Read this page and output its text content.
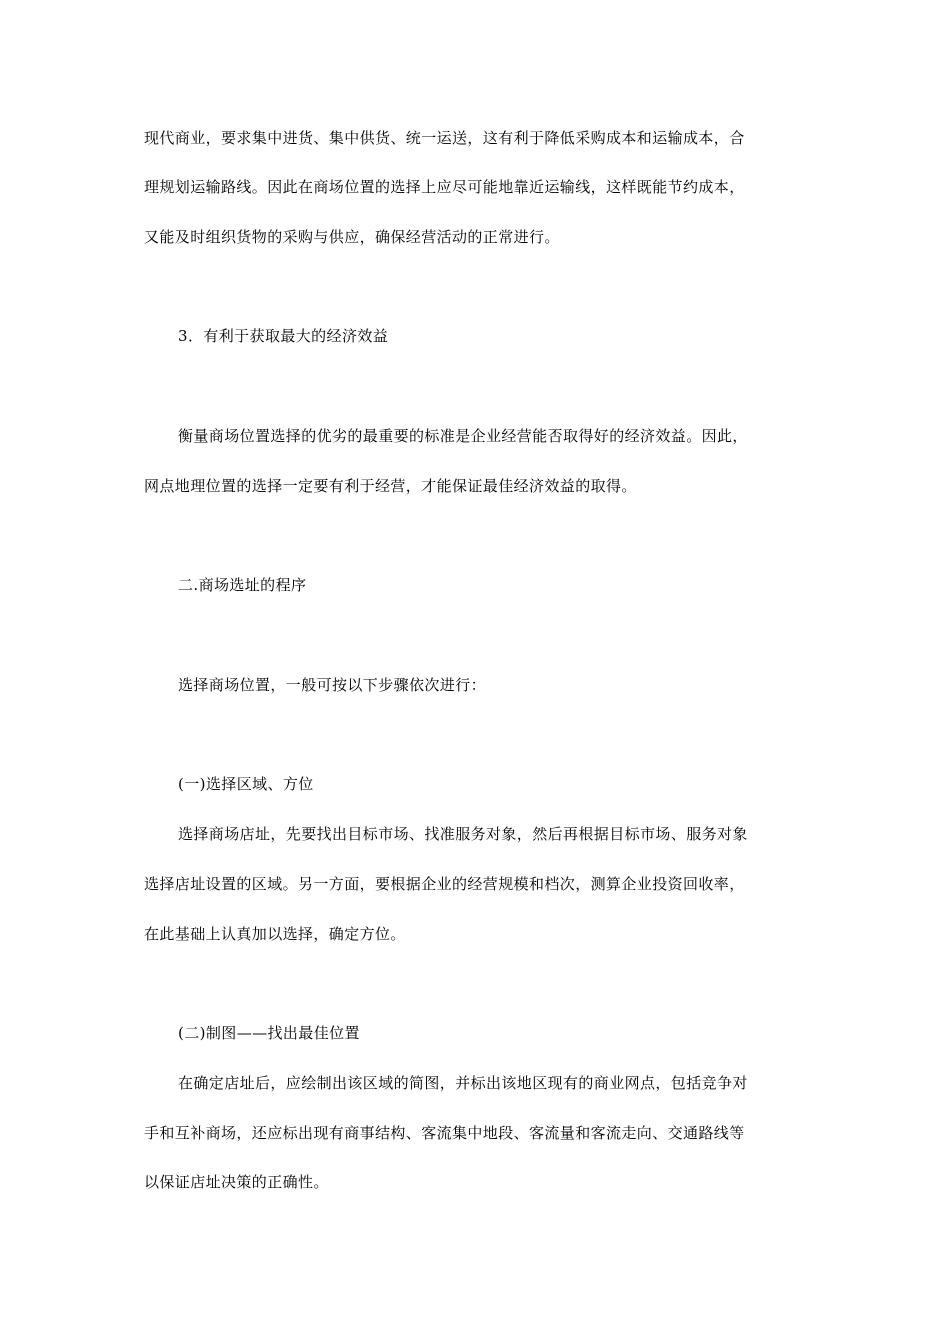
现代商业，要求集中进货、集中供货、统一运送，这有利于降低采购成本和运输成本，合
理规划运输路线。因此在商场位置的选择上应尽可能地靠近运输线，这样既能节约成本，
又能及时组织货物的采购与供应，确保经营活动的正常进行。
3．有利于获取最大的经济效益
衡量商场位置选择的优劣的最重要的标准是企业经营能否取得好的经济效益。因此，
网点地理位置的选择一定要有利于经营，才能保证最佳经济效益的取得。
二.商场选址的程序
选择商场位置，一般可按以下步骤依次进行：
(一)选择区域、方位
选择商场店址，先要找出目标市场、找准服务对象，然后再根据目标市场、服务对象
选择店址设置的区域。另一方面，要根据企业的经营规模和档次，测算企业投资回收率，
在此基础上认真加以选择，确定方位。
(二)制图——找出最佳位置
在确定店址后，应绘制出该区域的简图，并标出该地区现有的商业网点，包括竞争对
手和互补商场，还应标出现有商事结构、客流集中地段、客流量和客流走向、交通路线等
以保证店址决策的正确性。
